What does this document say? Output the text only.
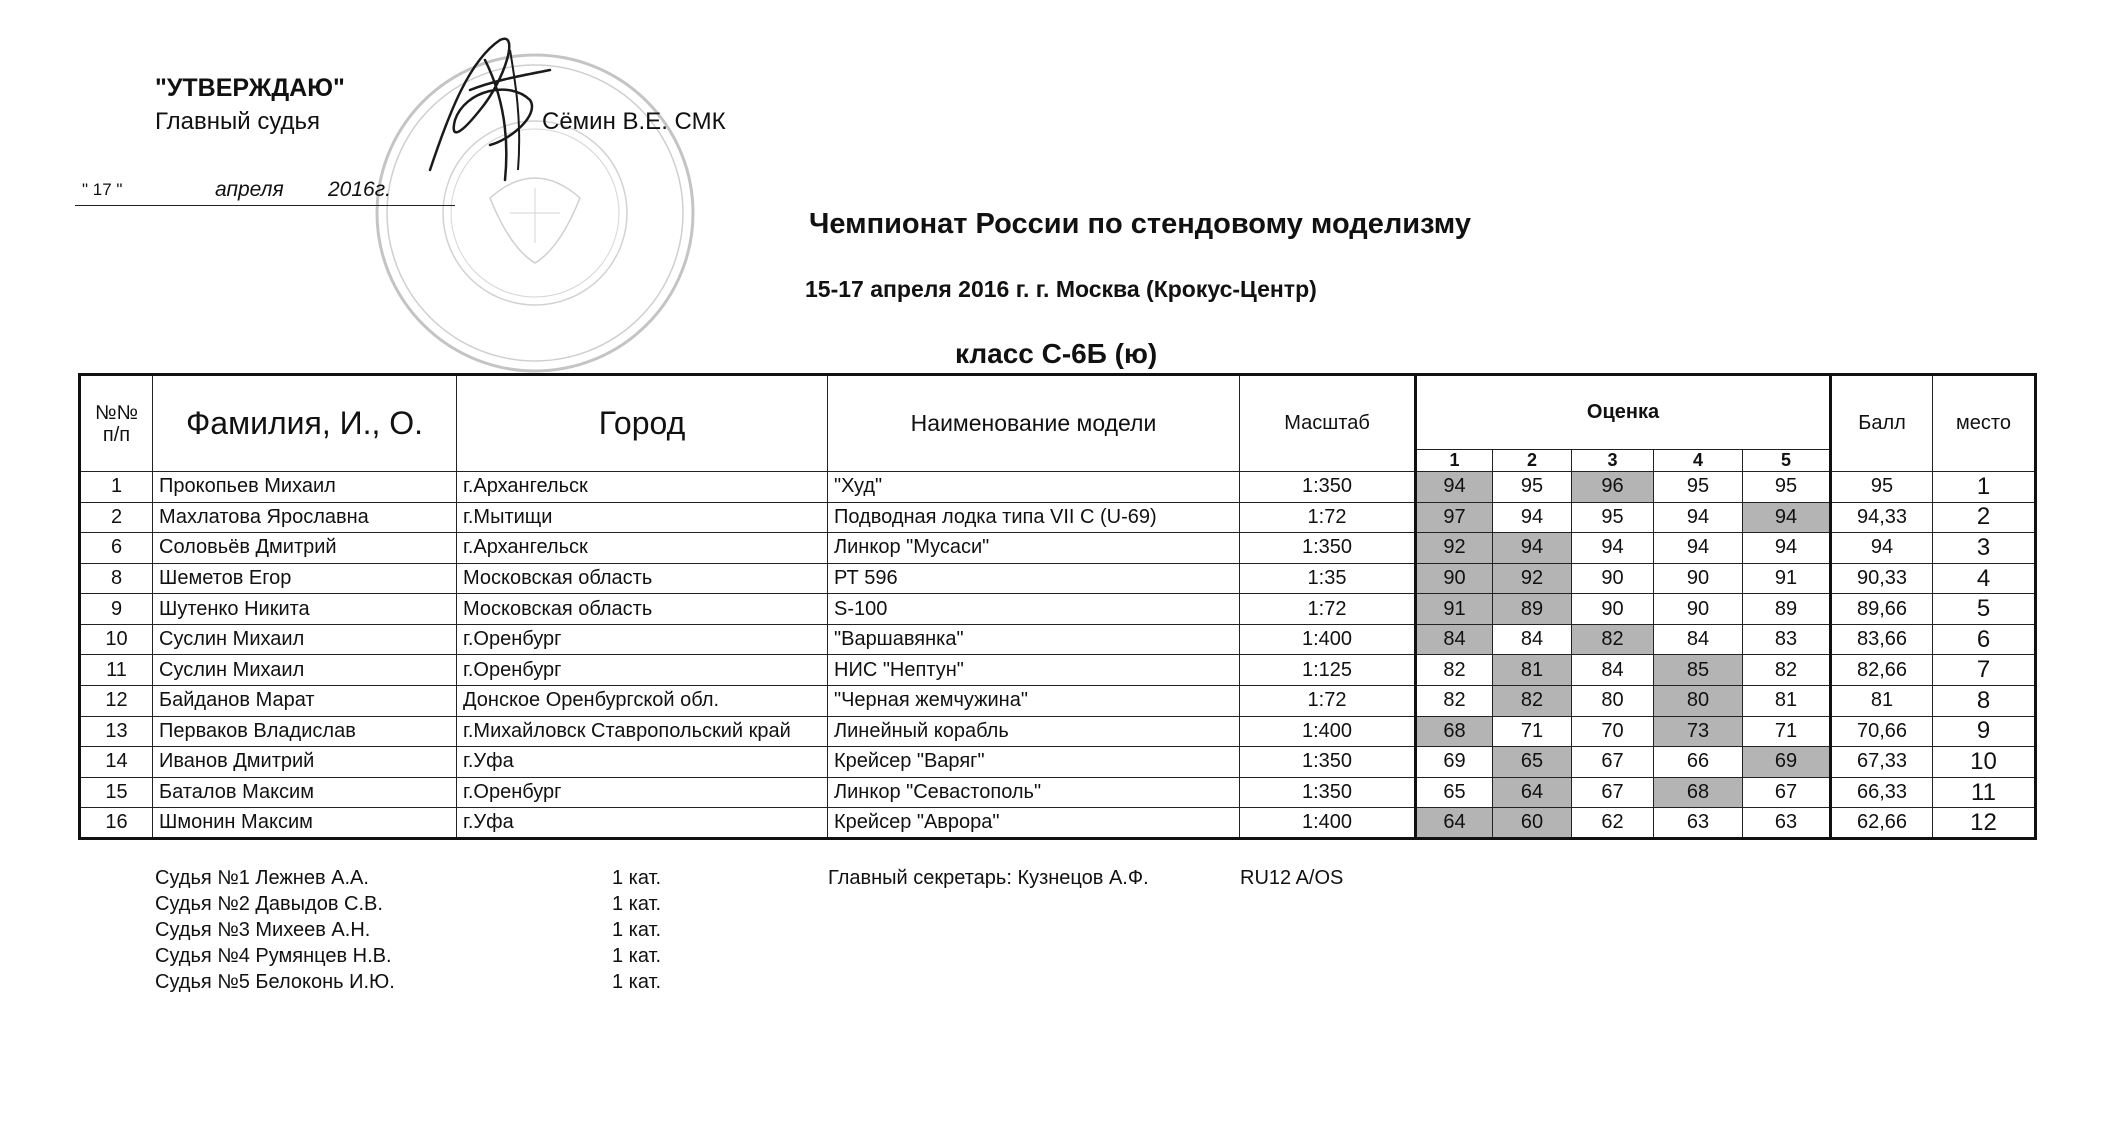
"УТВЕРЖДАЮ"
Главный судья	Сёмин В.Е. СМК
" 17 "	апреля 2016г.
Чемпионат России по стендовому моделизму
15-17 апреля 2016 г. г. Москва (Крокус-Центр)
класс С-6Б (ю)
№№ п/п	Фамилия, И., О.	Город	Наименование модели	Масштаб	Оценка					Балл	место
					1	2	3	4	5		
1	Прокопьев Михаил	г.Архангельск	"Худ"	1:350	94	95	96	95	95	95	1
2	Махлатова Ярославна	г.Мытищи	Подводная лодка типа VII C (U-69)	1:72	97	94	95	94	94	94,33	2
6	Соловьёв Дмитрий	г.Архангельск	Линкор "Мусаси"	1:350	92	94	94	94	94	94	3
8	Шеметов Егор	Московская область	РТ 596	1:35	90	92	90	90	91	90,33	4
9	Шутенко Никита	Московская область	S-100	1:72	91	89	90	90	89	89,66	5
10	Суслин Михаил	г.Оренбург	"Варшавянка"	1:400	84	84	82	84	83	83,66	6
11	Суслин Михаил	г.Оренбург	НИС "Нептун"	1:125	82	81	84	85	82	82,66	7
12	Байданов Марат	Донское Оренбургской обл.	"Черная жемчужина"	1:72	82	82	80	80	81	81	8
13	Перваков Владислав	г.Михайловск Ставропольский край	Линейный корабль	1:400	68	71	70	73	71	70,66	9
14	Иванов Дмитрий	г.Уфа	Крейсер "Варяг"	1:350	69	65	67	66	69	67,33	10
15	Баталов Максим	г.Оренбург	Линкор "Севастополь"	1:350	65	64	67	68	67	66,33	11
16	Шмонин Максим	г.Уфа	Крейсер "Аврора"	1:400	64	60	62	63	63	62,66	12
Судья №1 Лежнев А.А.	1 кат.
Судья №2 Давыдов С.В.	1 кат.
Судья №3 Михеев А.Н.	1 кат.
Судья №4 Румянцев Н.В.	1 кат.
Судья №5 Белоконь И.Ю.	1 кат.
Главный секретарь: Кузнецов А.Ф.	RU12 A/OS
